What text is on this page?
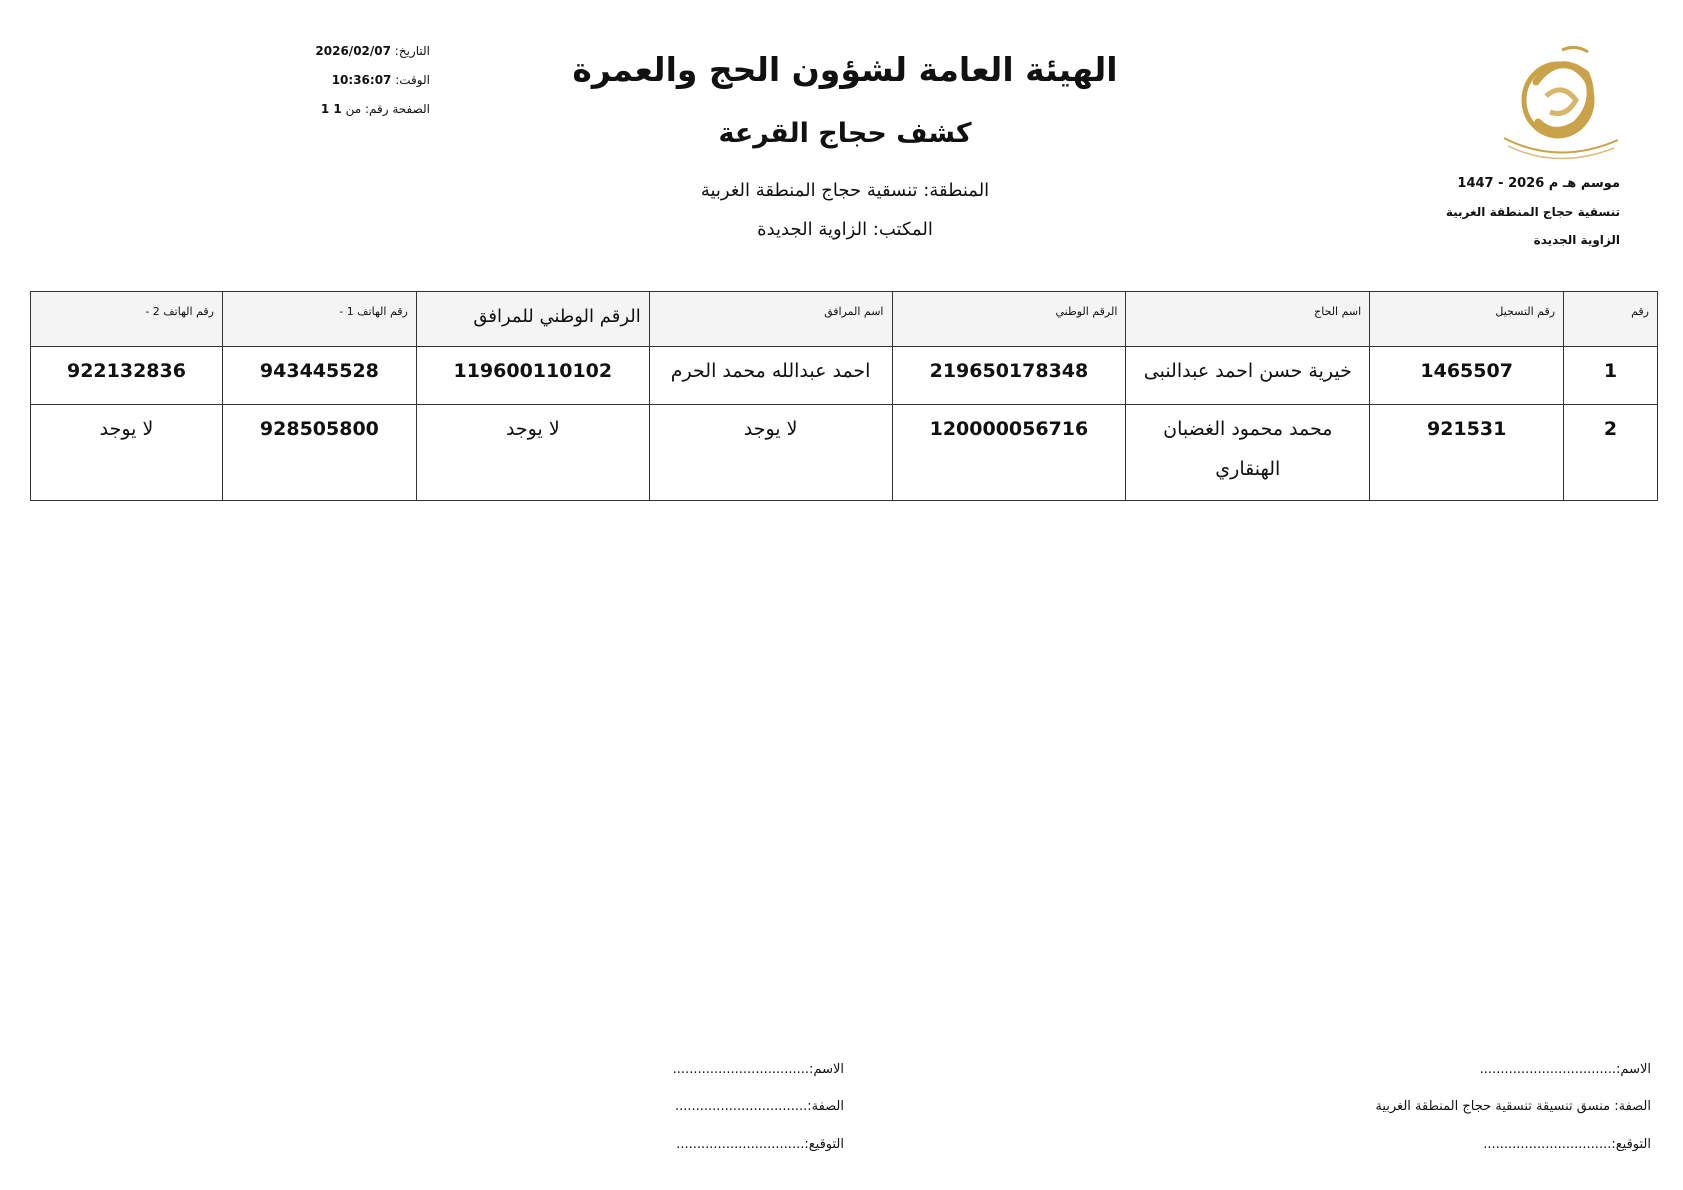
موسم هـ م 2026 - 1447
تنسقية حجاج المنطقة الغربية
الزاوية الجديدة
الهيئة العامة لشؤون الحج والعمرة
كشف حجاج القرعة
المنطقة: تنسقية حجاج المنطقة الغربية
المكتب: الزاوية الجديدة
التاريخ: 2026/02/07
الوقت: 10:36:07
الصفحة رقم: من 1 1
رقم	رقم التسجيل	اسم الحاج	الرقم الوطني	اسم المرافق	الرقم الوطني للمرافق	رقم الهاتف 1 -	رقم الهاتف 2 -

1	1465507	خيرية حسن احمد عبدالنبى	219650178348	احمد عبدالله محمد الحرم	119600110102	943445528	922132836

2	921531	محمد محمود الغضبان الهنقاري	120000056716	لا يوجد	لا يوجد	928505800	لا يوجد
الاسم:.................................
الصفة: منسق تنسيقة تنسقية حجاج المنطقة الغربية
التوقيع:...............................
الاسم:.................................
الصفة:................................
التوقيع:...............................
